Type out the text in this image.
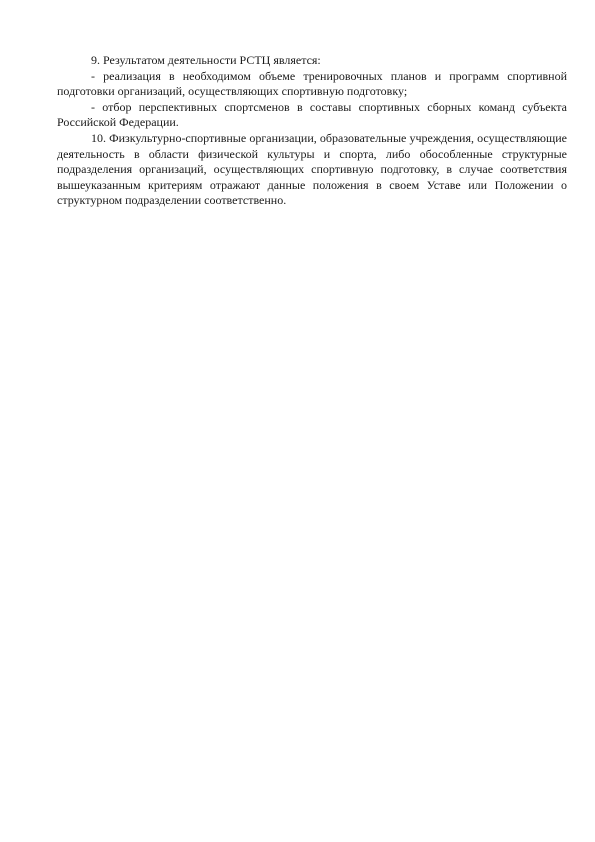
9. Результатом деятельности РСТЦ является:

- реализация в необходимом объеме тренировочных планов и программ спортивной подготовки организаций, осуществляющих спортивную подготовку;

- отбор перспективных спортсменов в составы спортивных сборных команд субъекта Российской Федерации.

10. Физкультурно-спортивные организации, образовательные учреждения, осуществляющие деятельность в области физической культуры и спорта, либо обособленные структурные подразделения организаций, осуществляющих спортивную подготовку, в случае соответствия вышеуказанным критериям отражают данные положения в своем Уставе или Положении о структурном подразделении соответственно.
